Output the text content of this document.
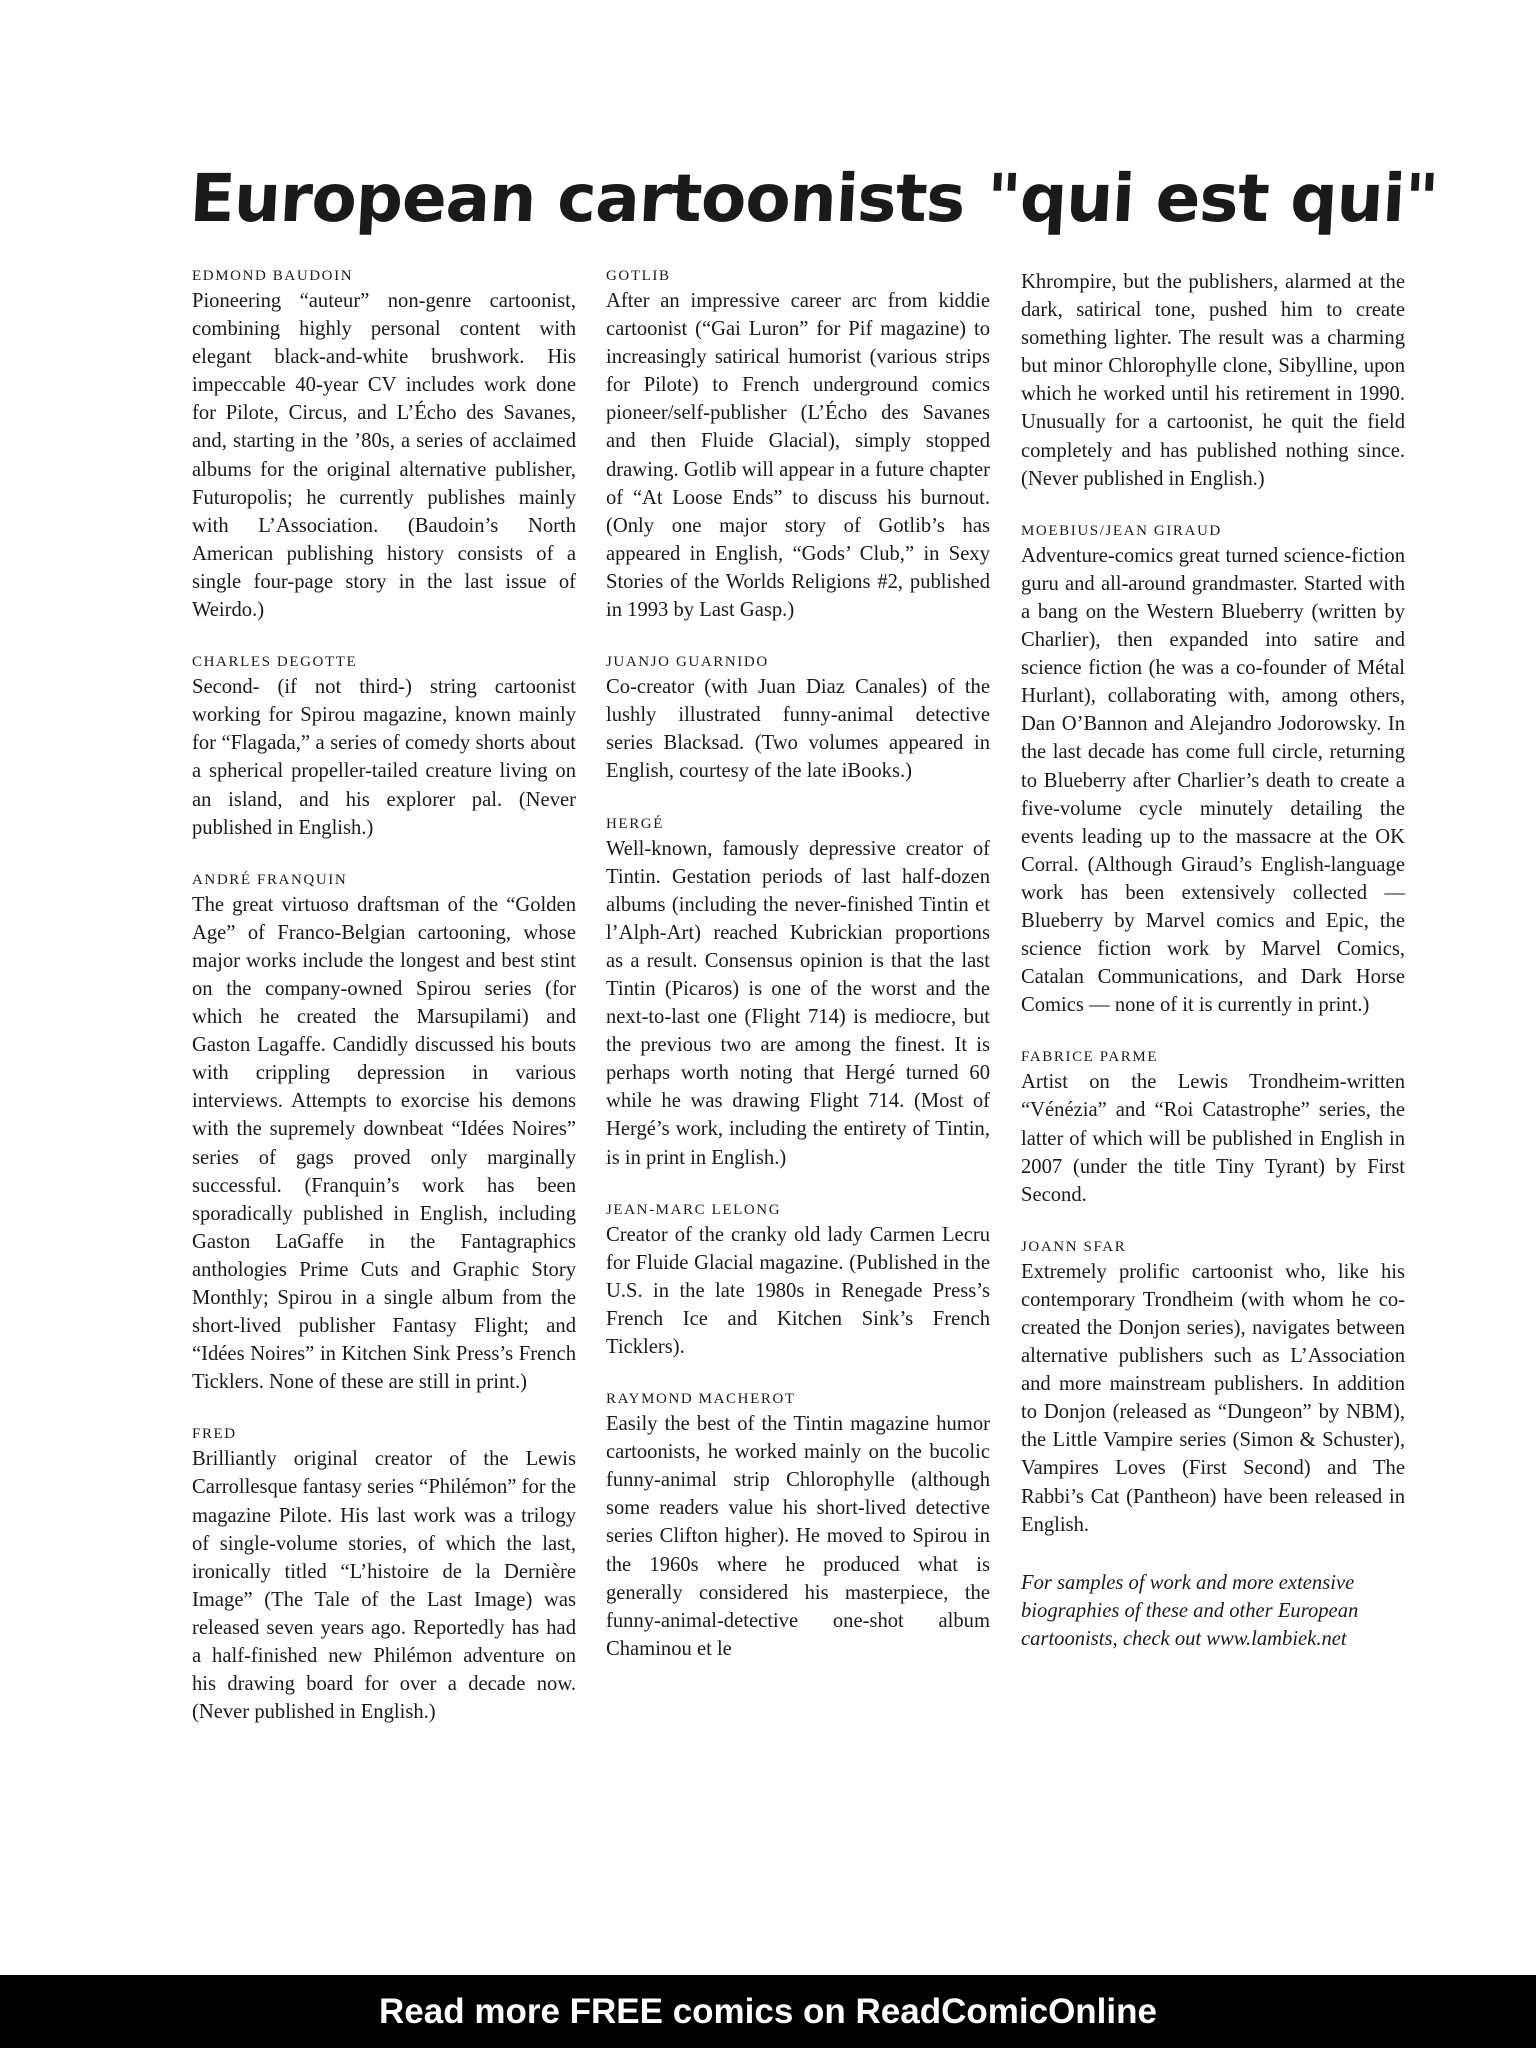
European cartoonists "qui est qui"
EDMOND BAUDOIN

Pioneering “auteur” non-genre cartoonist, combining highly personal content with elegant black-and-white brushwork. His impeccable 40-year CV includes work done for Pilote, Circus, and L’Écho des Savanes, and, starting in the ’80s, a series of acclaimed albums for the original alternative publisher, Futuropolis; he currently publishes mainly with L’Association. (Baudoin’s North American publishing history consists of a single four-page story in the last issue of Weirdo.)

CHARLES DEGOTTE

Second- (if not third-) string cartoonist working for Spirou magazine, known mainly for “Flagada,” a series of comedy shorts about a spherical propeller-tailed creature living on an island, and his explorer pal. (Never published in English.)

ANDRÉ FRANQUIN

The great virtuoso draftsman of the “Golden Age” of Franco-Belgian cartooning, whose major works include the longest and best stint on the company-owned Spirou series (for which he created the Marsupilami) and Gaston Lagaffe. Candidly discussed his bouts with crippling depression in various interviews. Attempts to exorcise his demons with the supremely downbeat “Idées Noires” series of gags proved only marginally successful. (Franquin’s work has been sporadically published in English, including Gaston LaGaffe in the Fantagraphics anthologies Prime Cuts and Graphic Story Monthly; Spirou in a single album from the short-lived publisher Fantasy Flight; and “Idées Noires” in Kitchen Sink Press’s French Ticklers. None of these are still in print.)

FRED

Brilliantly original creator of the Lewis Carrollesque fantasy series “Philémon” for the magazine Pilote. His last work was a trilogy of single-volume stories, of which the last, ironically titled “L’histoire de la Dernière Image” (The Tale of the Last Image) was released seven years ago. Reportedly has had a half-finished new Philémon adventure on his drawing board for over a decade now. (Never published in English.)

GOTLIB

After an impressive career arc from kiddie cartoonist (“Gai Luron” for Pif magazine) to increasingly satirical humorist (various strips for Pilote) to French underground comics pioneer/self-publisher (L’Écho des Savanes and then Fluide Glacial), simply stopped drawing. Gotlib will appear in a future chapter of “At Loose Ends” to discuss his burnout. (Only one major story of Gotlib’s has appeared in English, “Gods’ Club,” in Sexy Stories of the Worlds Religions #2, published in 1993 by Last Gasp.)

JUANJO GUARNIDO

Co-creator (with Juan Diaz Canales) of the lushly illustrated funny-animal detective series Blacksad. (Two volumes appeared in English, courtesy of the late iBooks.)

HERGÉ

Well-known, famously depressive creator of Tintin. Gestation periods of last half-dozen albums (including the never-finished Tintin et l’Alph-Art) reached Kubrickian proportions as a result. Consensus opinion is that the last Tintin (Picaros) is one of the worst and the next-to-last one (Flight 714) is mediocre, but the previous two are among the finest. It is perhaps worth noting that Hergé turned 60 while he was drawing Flight 714. (Most of Hergé’s work, including the entirety of Tintin, is in print in English.)

JEAN-MARC LELONG

Creator of the cranky old lady Carmen Lecru for Fluide Glacial magazine. (Published in the U.S. in the late 1980s in Renegade Press’s French Ice and Kitchen Sink’s French Ticklers).

RAYMOND MACHEROT

Easily the best of the Tintin magazine humor cartoonists, he worked mainly on the bucolic funny-animal strip Chlorophylle (although some readers value his short-lived detective series Clifton higher). He moved to Spirou in the 1960s where he produced what is generally considered his masterpiece, the funny-animal-detective one-shot album Chaminou et le

Khrompire, but the publishers, alarmed at the dark, satirical tone, pushed him to create something lighter. The result was a charming but minor Chlorophylle clone, Sibylline, upon which he worked until his retirement in 1990. Unusually for a cartoonist, he quit the field completely and has published nothing since. (Never published in English.)

MOEBIUS/JEAN GIRAUD

Adventure-comics great turned science-fiction guru and all-around grandmaster. Started with a bang on the Western Blueberry (written by Charlier), then expanded into satire and science fiction (he was a co-founder of Métal Hurlant), collaborating with, among others, Dan O’Bannon and Alejandro Jodorowsky. In the last decade has come full circle, returning to Blueberry after Charlier’s death to create a five-volume cycle minutely detailing the events leading up to the massacre at the OK Corral. (Although Giraud’s English-language work has been extensively collected — Blueberry by Marvel comics and Epic, the science fiction work by Marvel Comics, Catalan Communications, and Dark Horse Comics — none of it is currently in print.)

FABRICE PARME

Artist on the Lewis Trondheim-written “Vénézia” and “Roi Catastrophe” series, the latter of which will be published in English in 2007 (under the title Tiny Tyrant) by First Second.

JOANN SFAR

Extremely prolific cartoonist who, like his contemporary Trondheim (with whom he co-created the Donjon series), navigates between alternative publishers such as L’Association and more mainstream publishers. In addition to Donjon (released as “Dungeon” by NBM), the Little Vampire series (Simon & Schuster), Vampires Loves (First Second) and The Rabbi’s Cat (Pantheon) have been released in English.

For samples of work and more extensive biographies of these and other European cartoonists, check out www.lambiek.net

Read more FREE comics on ReadComicOnline
